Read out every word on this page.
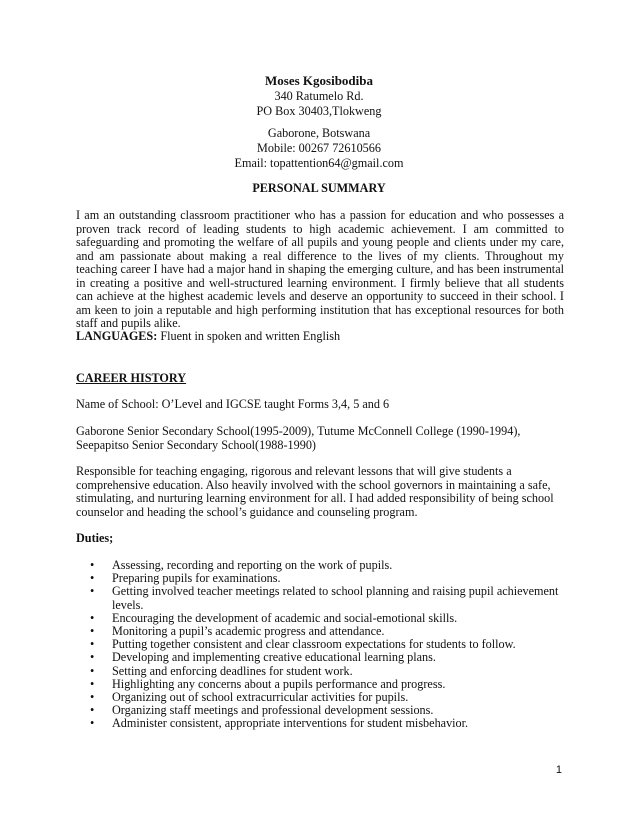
Moses Kgosibodiba
340 Ratumelo Rd.
PO Box 30403,Tlokweng
Gaborone, Botswana
Mobile: 00267 72610566
Email: topattention64@gmail.com
PERSONAL SUMMARY
I am an outstanding classroom practitioner who has a passion for education and who possesses a proven track record of leading students to high academic achievement. I am committed to safeguarding and promoting the welfare of all pupils and young people and clients under my care, and am passionate about making a real difference to the lives of my clients. Throughout my teaching career I have had a major hand in shaping the emerging culture, and has been instrumental in creating a positive and well-structured learning environment. I firmly believe that all students can achieve at the highest academic levels and deserve an opportunity to succeed in their school. I am keen to join a reputable and high performing institution that has exceptional resources for both staff and pupils alike.
LANGUAGES: Fluent in spoken and written English
CAREER HISTORY
Name of School: O’Level and IGCSE taught Forms 3,4, 5 and 6
Gaborone Senior Secondary School(1995-2009), Tutume McConnell College (1990-1994), Seepapitso Senior Secondary School(1988-1990)
Responsible for teaching engaging, rigorous and relevant lessons that will give students a comprehensive education. Also heavily involved with the school governors in maintaining a safe, stimulating, and nurturing learning environment for all. I had added responsibility of being school counselor and heading the school’s guidance and counseling program.
Duties;
• Assessing, recording and reporting on the work of pupils.
• Preparing pupils for examinations.
• Getting involved teacher meetings related to school planning and raising pupil achievement levels.
• Encouraging the development of academic and social-emotional skills.
• Monitoring a pupil’s academic progress and attendance.
• Putting together consistent and clear classroom expectations for students to follow.
• Developing and implementing creative educational learning plans.
• Setting and enforcing deadlines for student work.
• Highlighting any concerns about a pupils performance and progress.
• Organizing out of school extracurricular activities for pupils.
• Organizing staff meetings and professional development sessions.
• Administer consistent, appropriate interventions for student misbehavior.
1
